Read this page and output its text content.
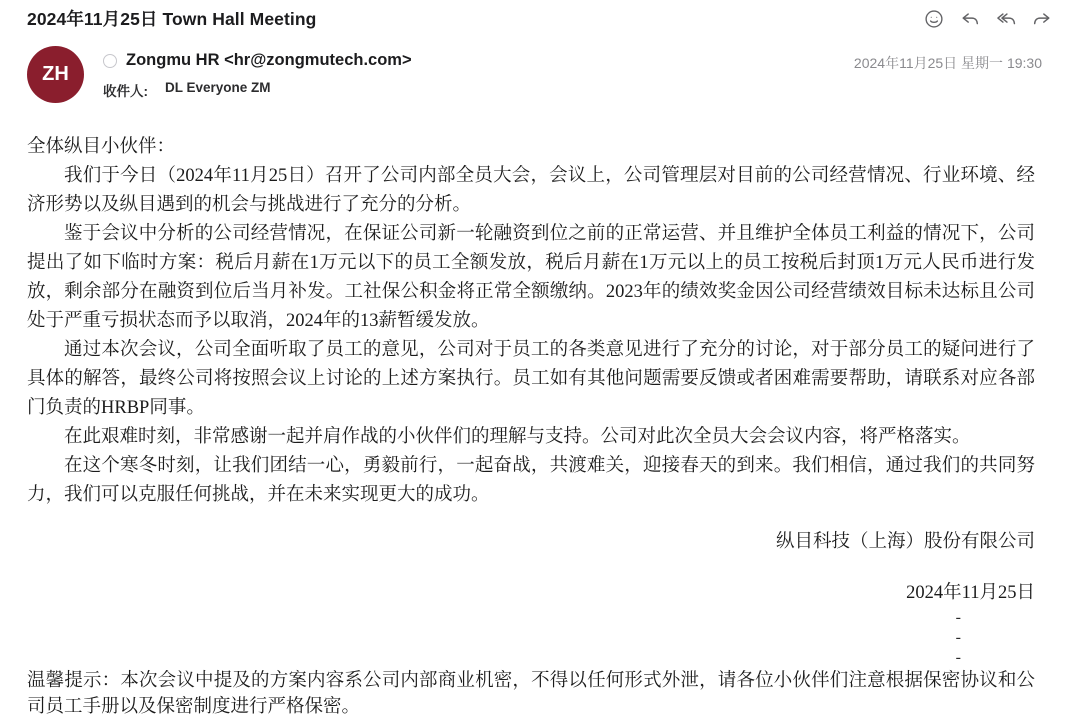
2024年11月25日 Town Hall Meeting
ZH
Zongmu HR <hr@zongmutech.com>
收件人: DL Everyone ZM
2024年11月25日 星期一 19:30
全体纵目小伙伴：

我们于今日（2024年11月25日）召开了公司内部全员大会，会议上，公司管理层对目前的公司经营情况、行业环境、经济形势以及纵目遇到的机会与挑战进行了充分的分析。

鉴于会议中分析的公司经营情况，在保证公司新一轮融资到位之前的正常运营、并且维护全体员工利益的情况下，公司提出了如下临时方案：税后月薪在1万元以下的员工全额发放，税后月薪在1万元以上的员工按税后封顶1万元人民币进行发放，剩余部分在融资到位后当月补发。工社保公积金将正常全额缴纳。2023年的绩效奖金因公司经营绩效目标未达标且公司处于严重亏损状态而予以取消，2024年的13薪暂缓发放。

通过本次会议，公司全面听取了员工的意见，公司对于员工的各类意见进行了充分的讨论，对于部分员工的疑问进行了具体的解答，最终公司将按照会议上讨论的上述方案执行。员工如有其他问题需要反馈或者困难需要帮助，请联系对应各部门负责的HRBP同事。

在此艰难时刻，非常感谢一起并肩作战的小伙伴们的理解与支持。公司对此次全员大会会议内容，将严格落实。

在这个寒冬时刻，让我们团结一心，勇毅前行，一起奋战，共渡难关，迎接春天的到来。我们相信，通过我们的共同努力，我们可以克服任何挑战，并在未来实现更大的成功。

纵目科技（上海）股份有限公司
2024年11月25日
-
-
-
温馨提示：本次会议中提及的方案内容系公司内部商业机密，不得以任何形式外泄，请各位小伙伴们注意根据保密协议和公司员工手册以及保密制度进行严格保密。
